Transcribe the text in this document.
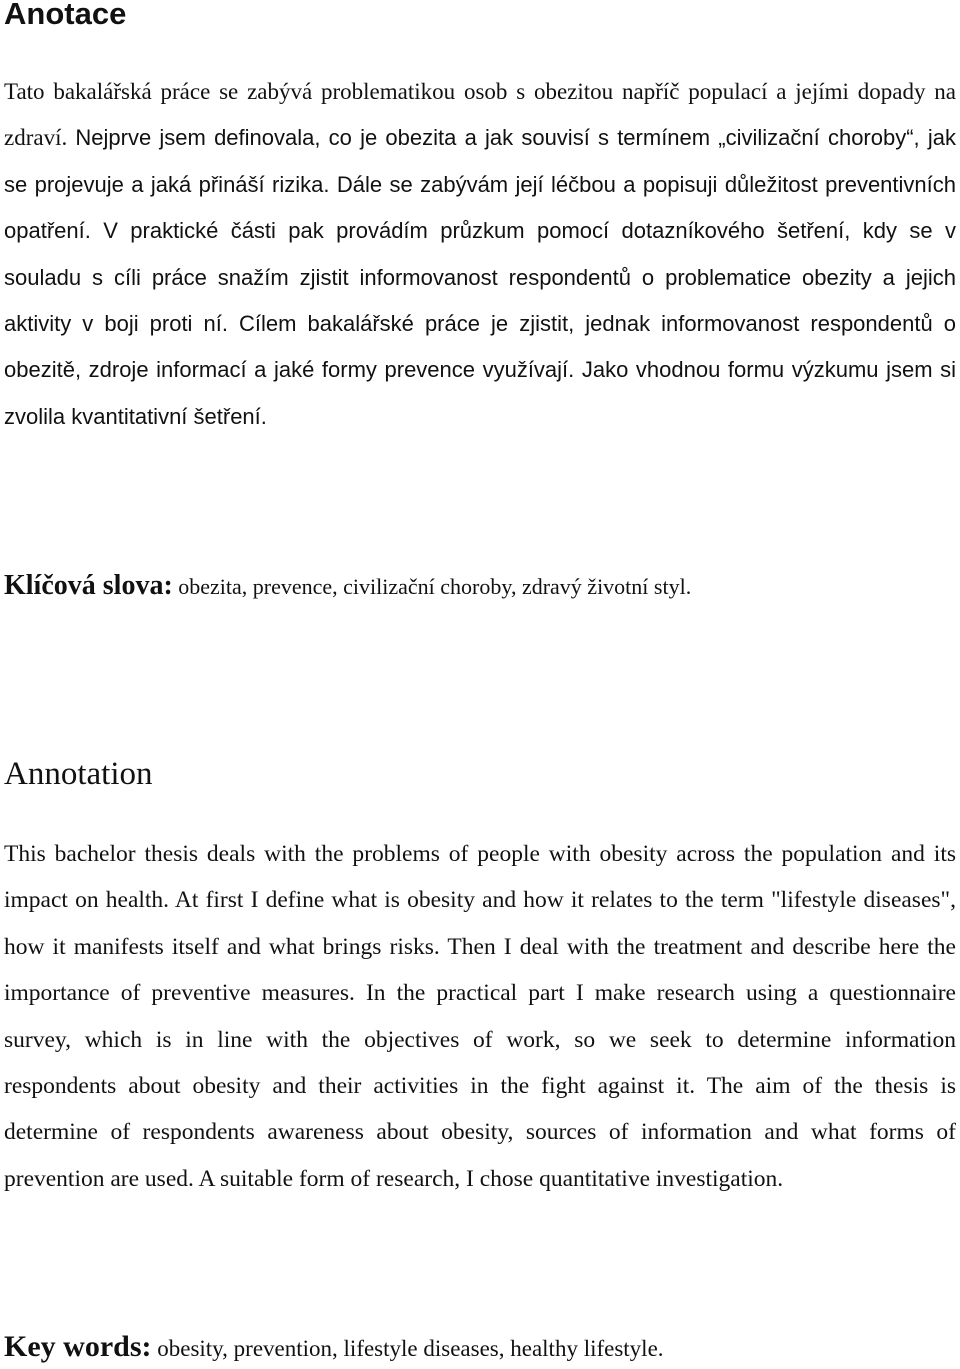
Anotace

Tato bakalářská práce se zabývá problematikou osob s obezitou napříč populací a jejími dopady na zdraví. Nejprve jsem definovala, co je obezita a jak souvisí s termínem „civilizační choroby“, jak se projevuje a jaká přináší rizika. Dále se zabývám její léčbou a popisuji důležitost preventivních opatření. V praktické části pak provádím průzkum pomocí dotazníkového šetření, kdy se v souladu s cíli práce snažím zjistit informovanost respondentů o problematice obezity a jejich aktivity v boji proti ní. Cílem bakalářské práce je zjistit, jednak informovanost respondentů o obezitě, zdroje informací a jaké formy prevence využívají. Jako vhodnou formu výzkumu jsem si zvolila kvantitativní šetření.

Klíčová slova: obezita, prevence, civilizační choroby, zdravý životní styl.

Annotation

This bachelor thesis deals with the problems of people with obesity across the population and its impact on health. At first I define what is obesity and how it relates to the term "lifestyle diseases", how it manifests itself and what brings risks. Then I deal with the treatment and describe here the importance of preventive measures. In the practical part I make research using a questionnaire survey, which is in line with the objectives of work, so we seek to determine information respondents about obesity and their activities in the fight against it. The aim of the thesis is determine of respondents awareness about obesity, sources of information and what forms of prevention are used. A suitable form of research, I chose quantitative investigation.

Key words: obesity, prevention, lifestyle diseases, healthy lifestyle.
